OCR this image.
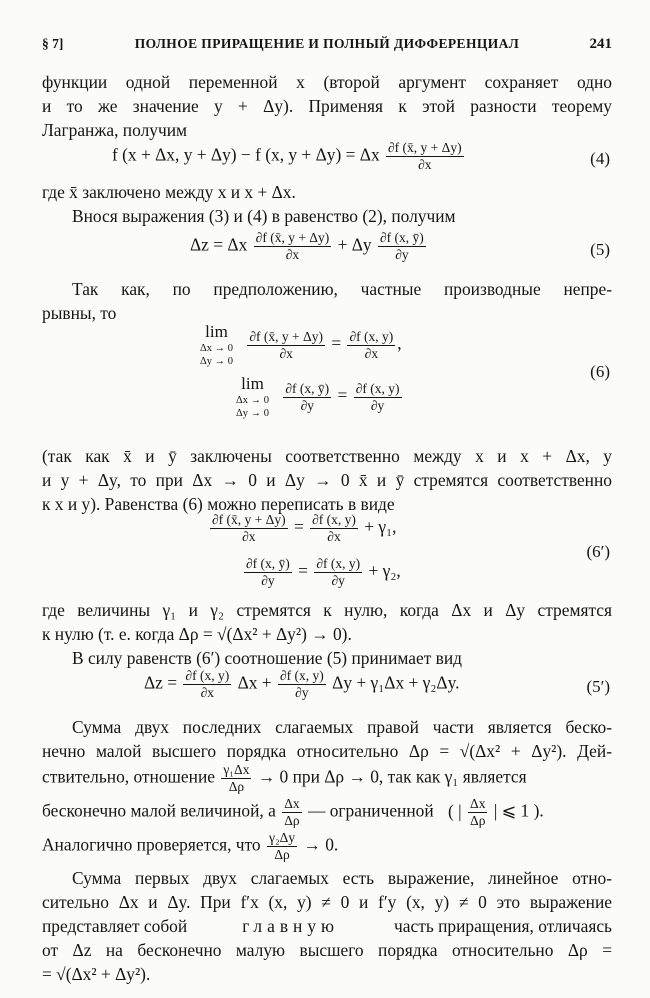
§ 7]	ПОЛНОЕ ПРИРАЩЕНИЕ И ПОЛНЫЙ ДИФФЕРЕНЦИАЛ	241
функции одной переменной x (второй аргумент сохраняет одно
и то же значение y + Δy). Применяя к этой разности теорему
Лагранжа, получим
f (x + Δx, y + Δy) − f (x, y + Δy) = Δx $\frac{\partial f (x̄, y + \Delta y)}{\partial x}$	(4)
где x̄ заключено между x и x + Δx.
Внося выражения (3) и (4) в равенство (2), получим
Δz = Δx $\frac{\partial f (x̄, y + \Delta y)}{\partial x} + \Delta y \frac{\partial f (x, ȳ)}{\partial y}$	(5)
Так как, по предположению, частные производные непре-
рывны, то
lim
Δx → 0
Δy → 0
$\frac{\partial f (x̄, y + \Delta y)}{\partial x} = \frac{\partial f (x, y)}{\partial x}$ ,
lim
Δx → 0
Δy → 0
$\frac{\partial f (x, ȳ)}{\partial y} = \frac{\partial f (x, y)}{\partial y}$
(6)
(так как x̄ и ȳ заключены соответственно между x и x + Δx, y
и y + Δy, то при Δx → 0 и Δy → 0 x̄ и ȳ стремятся соответственно
к x и y). Равенства (6) можно переписать в виде
$\frac{\partial f (x̄, y + \Delta y)}{\partial x} = \frac{\partial f (x, y)}{\partial x} + \gamma_1$,
$\frac{\partial f (x, ȳ)}{\partial y} = \frac{\partial f (x, y)}{\partial y} + \gamma_2$,
(6′)
где величины γ₁ и γ₂ стремятся к нулю, когда Δx и Δy стремятся
к нулю (т. е. когда Δρ = √(Δx² + Δy²) → 0).
В силу равенств (6′) соотношение (5) принимает вид
$\Delta z = \frac{\partial f (x, y)}{\partial x}$ $\Delta x + \frac{\partial f (x, y)}{\partial y}$ Δy + γ₁Δx + γ₂Δy.	(5′)
Сумма двух последних слагаемых правой части является беско-
нечно малой высшего порядка относительно Δρ = √(Δx² + Δy²). Дей-
ствительно, отношение $\frac{\text{γ₁Δx}}{\Delta\rho} \to 0$ при Δρ → 0, так как γ₁ является
бесконечно малой величиной, а $\frac{\Delta x}{\Delta\rho}$ — ограниченной ( | $\frac{\Delta x}{\Delta\rho}$ | ⩽ 1 ).
Аналогично проверяется, что $\frac{\text{γ₂Δy}}{\Delta\rho} \to 0$.
Сумма первых двух слагаемых есть выражение, линейное отно-
сительно Δx и Δy. При f′x (x, y) ≠ 0 и f′y (x, y) ≠ 0 это выражение
представляет собой	главную	часть приращения, отличаясь
от Δz на бесконечно малую высшего порядка относительно Δρ =
= √(Δx² + Δy²).
